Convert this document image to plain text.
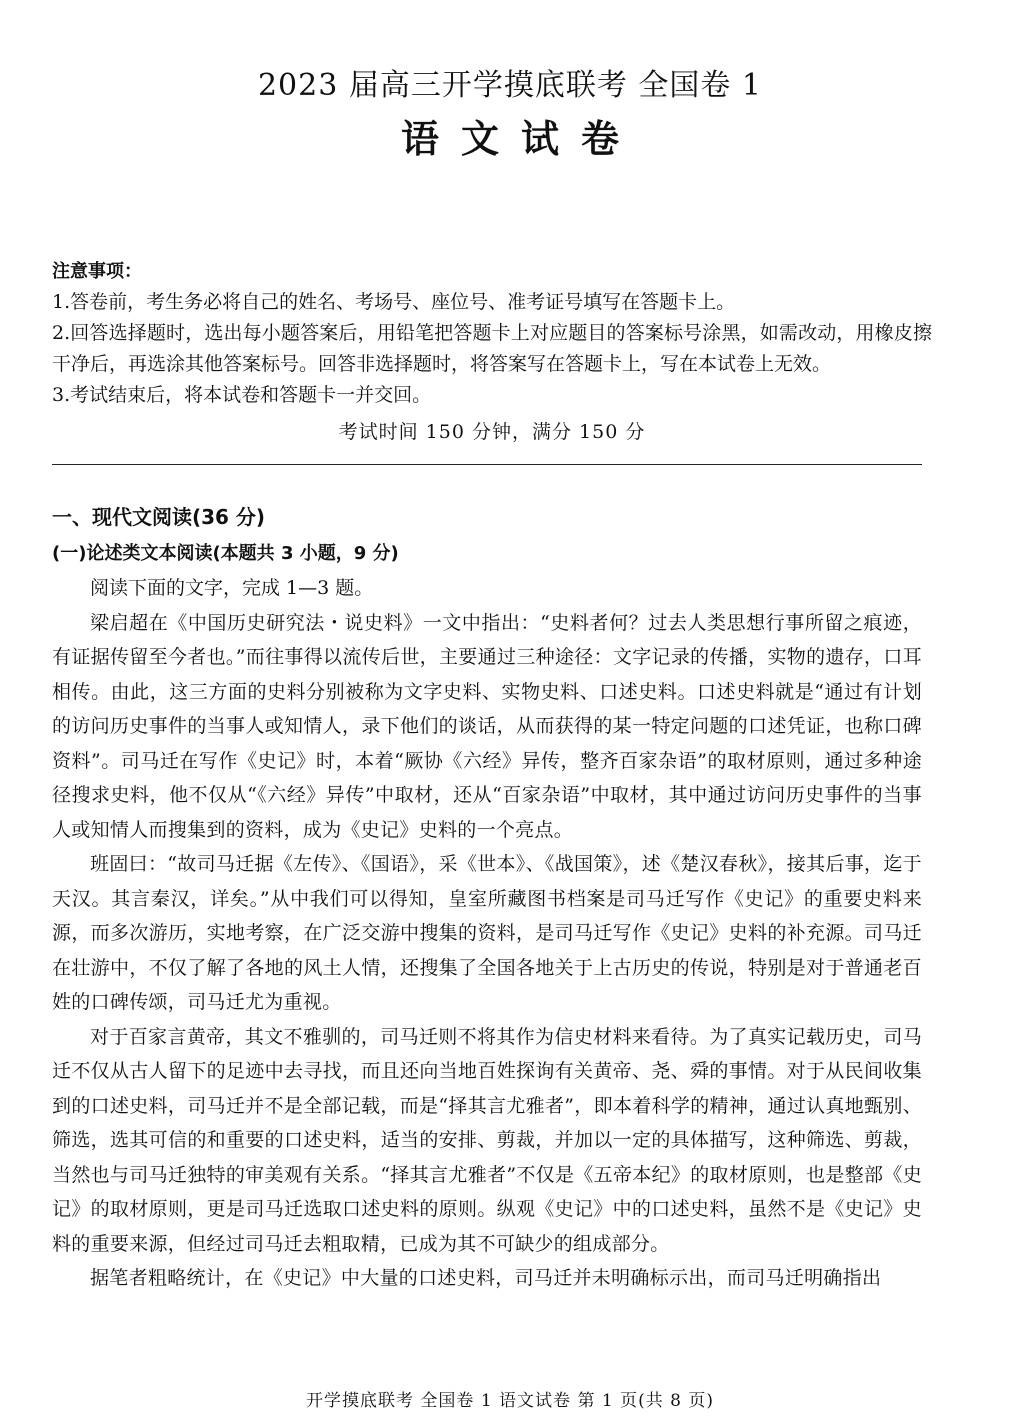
2023 届高三开学摸底联考 全国卷 1
语文试卷
注意事项：
1.答卷前，考生务必将自己的姓名、考场号、座位号、准考证号填写在答题卡上。
2.回答选择题时，选出每小题答案后，用铅笔把答题卡上对应题目的答案标号涂黑，如需改动，用橡皮擦干净后，再选涂其他答案标号。回答非选择题时，将答案写在答题卡上，写在本试卷上无效。
3.考试结束后，将本试卷和答题卡一并交回。
考试时间 150 分钟，满分 150 分
一、现代文阅读(36 分)
(一)论述类文本阅读(本题共 3 小题，9 分)
阅读下面的文字，完成 1—3 题。
梁启超在《中国历史研究法・说史料》一文中指出：“史料者何？过去人类思想行事所留之痕迹，有证据传留至今者也。”而往事得以流传后世，主要通过三种途径：文字记录的传播，实物的遗存，口耳相传。由此，这三方面的史料分别被称为文字史料、实物史料、口述史料。口述史料就是“通过有计划的访问历史事件的当事人或知情人，录下他们的谈话，从而获得的某一特定问题的口述凭证，也称口碑资料”。司马迁在写作《史记》时，本着“厥协《六经》异传，整齐百家杂语”的取材原则，通过多种途径搜求史料，他不仅从“《六经》异传”中取材，还从“百家杂语”中取材，其中通过访问历史事件的当事人或知情人而搜集到的资料，成为《史记》史料的一个亮点。
班固曰：“故司马迁据《左传》、《国语》，采《世本》、《战国策》，述《楚汉春秋》，接其后事，迄于天汉。其言秦汉，详矣。”从中我们可以得知，皇室所藏图书档案是司马迁写作《史记》的重要史料来源，而多次游历，实地考察，在广泛交游中搜集的资料，是司马迁写作《史记》史料的补充源。司马迁在壮游中，不仅了解了各地的风土人情，还搜集了全国各地关于上古历史的传说，特别是对于普通老百姓的口碑传颂，司马迁尤为重视。
对于百家言黄帝，其文不雅驯的，司马迁则不将其作为信史材料来看待。为了真实记载历史，司马迁不仅从古人留下的足迹中去寻找，而且还向当地百姓探询有关黄帝、尧、舜的事情。对于从民间收集到的口述史料，司马迁并不是全部记载，而是“择其言尤雅者”，即本着科学的精神，通过认真地甄别、筛选，选其可信的和重要的口述史料，适当的安排、剪裁，并加以一定的具体描写，这种筛选、剪裁，当然也与司马迁独特的审美观有关系。“择其言尤雅者”不仅是《五帝本纪》的取材原则，也是整部《史记》的取材原则，更是司马迁选取口述史料的原则。纵观《史记》中的口述史料，虽然不是《史记》史料的重要来源，但经过司马迁去粗取精，已成为其不可缺少的组成部分。
据笔者粗略统计，在《史记》中大量的口述史料，司马迁并未明确标示出，而司马迁明确指出
开学摸底联考 全国卷 1 语文试卷 第 1 页(共 8 页)
